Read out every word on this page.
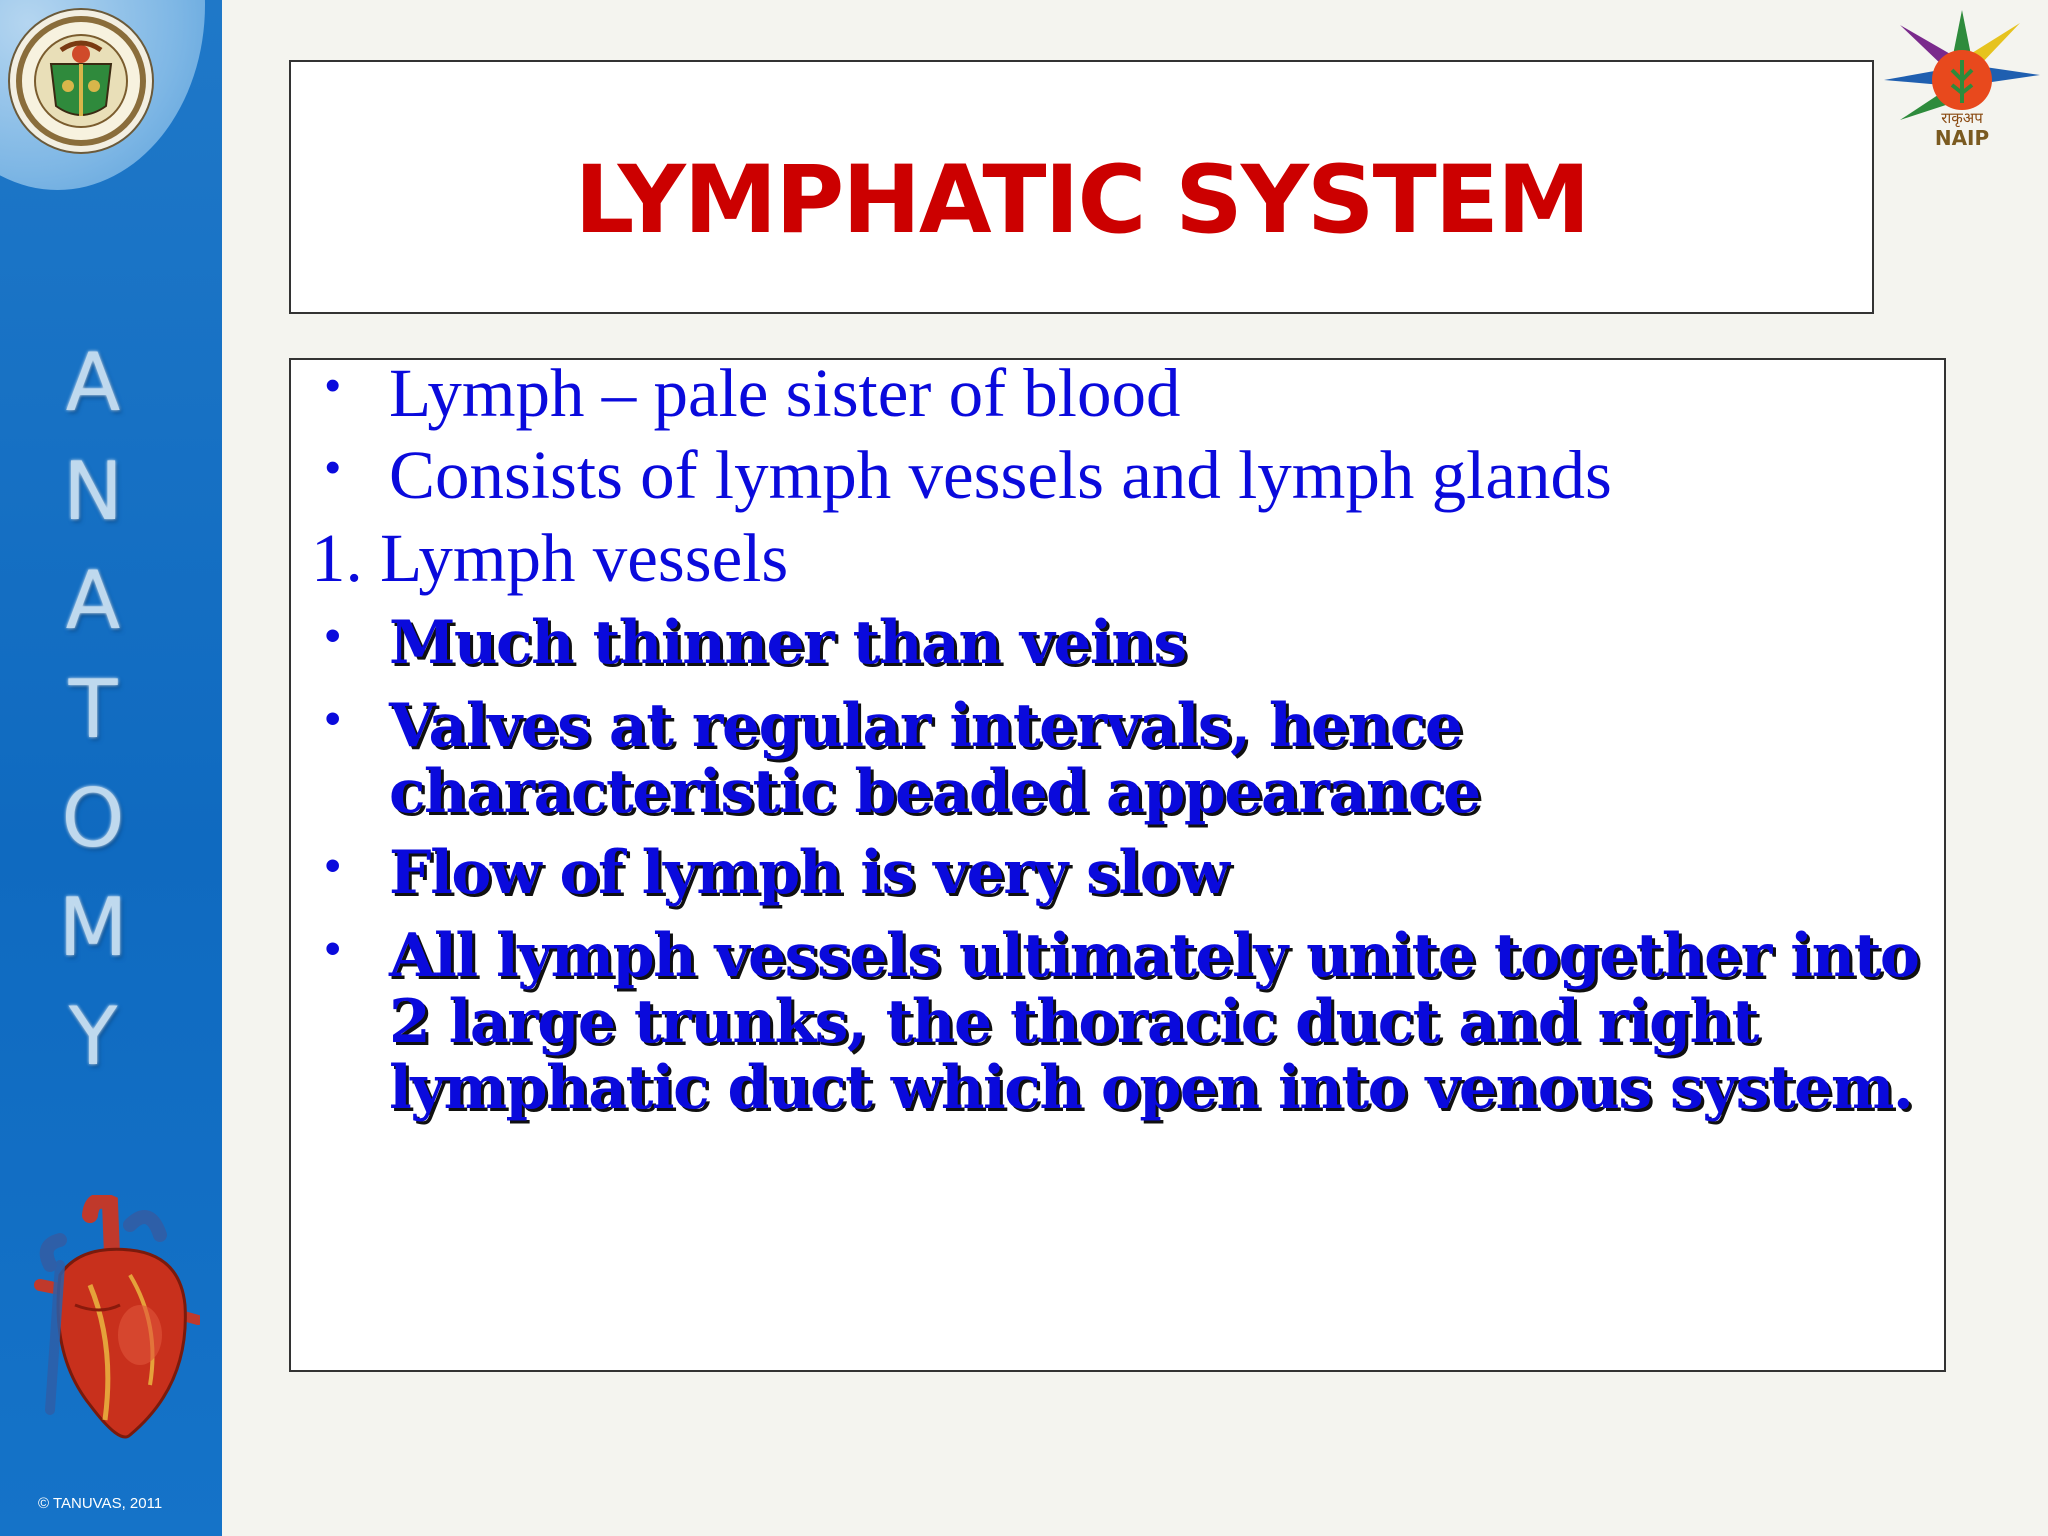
A
N
A
T
O
M
Y
© TANUVAS, 2011
राकृअप
NAIP
LYMPHATIC SYSTEM
• Lymph – pale sister of blood
• Consists of lymph vessels and lymph glands
1. Lymph vessels
• Much thinner than veins
• Valves at regular intervals, hence characteristic beaded appearance
• Flow of lymph is very slow
• All lymph vessels ultimately unite together into 2 large trunks, the thoracic duct and right lymphatic duct which open into venous system.
